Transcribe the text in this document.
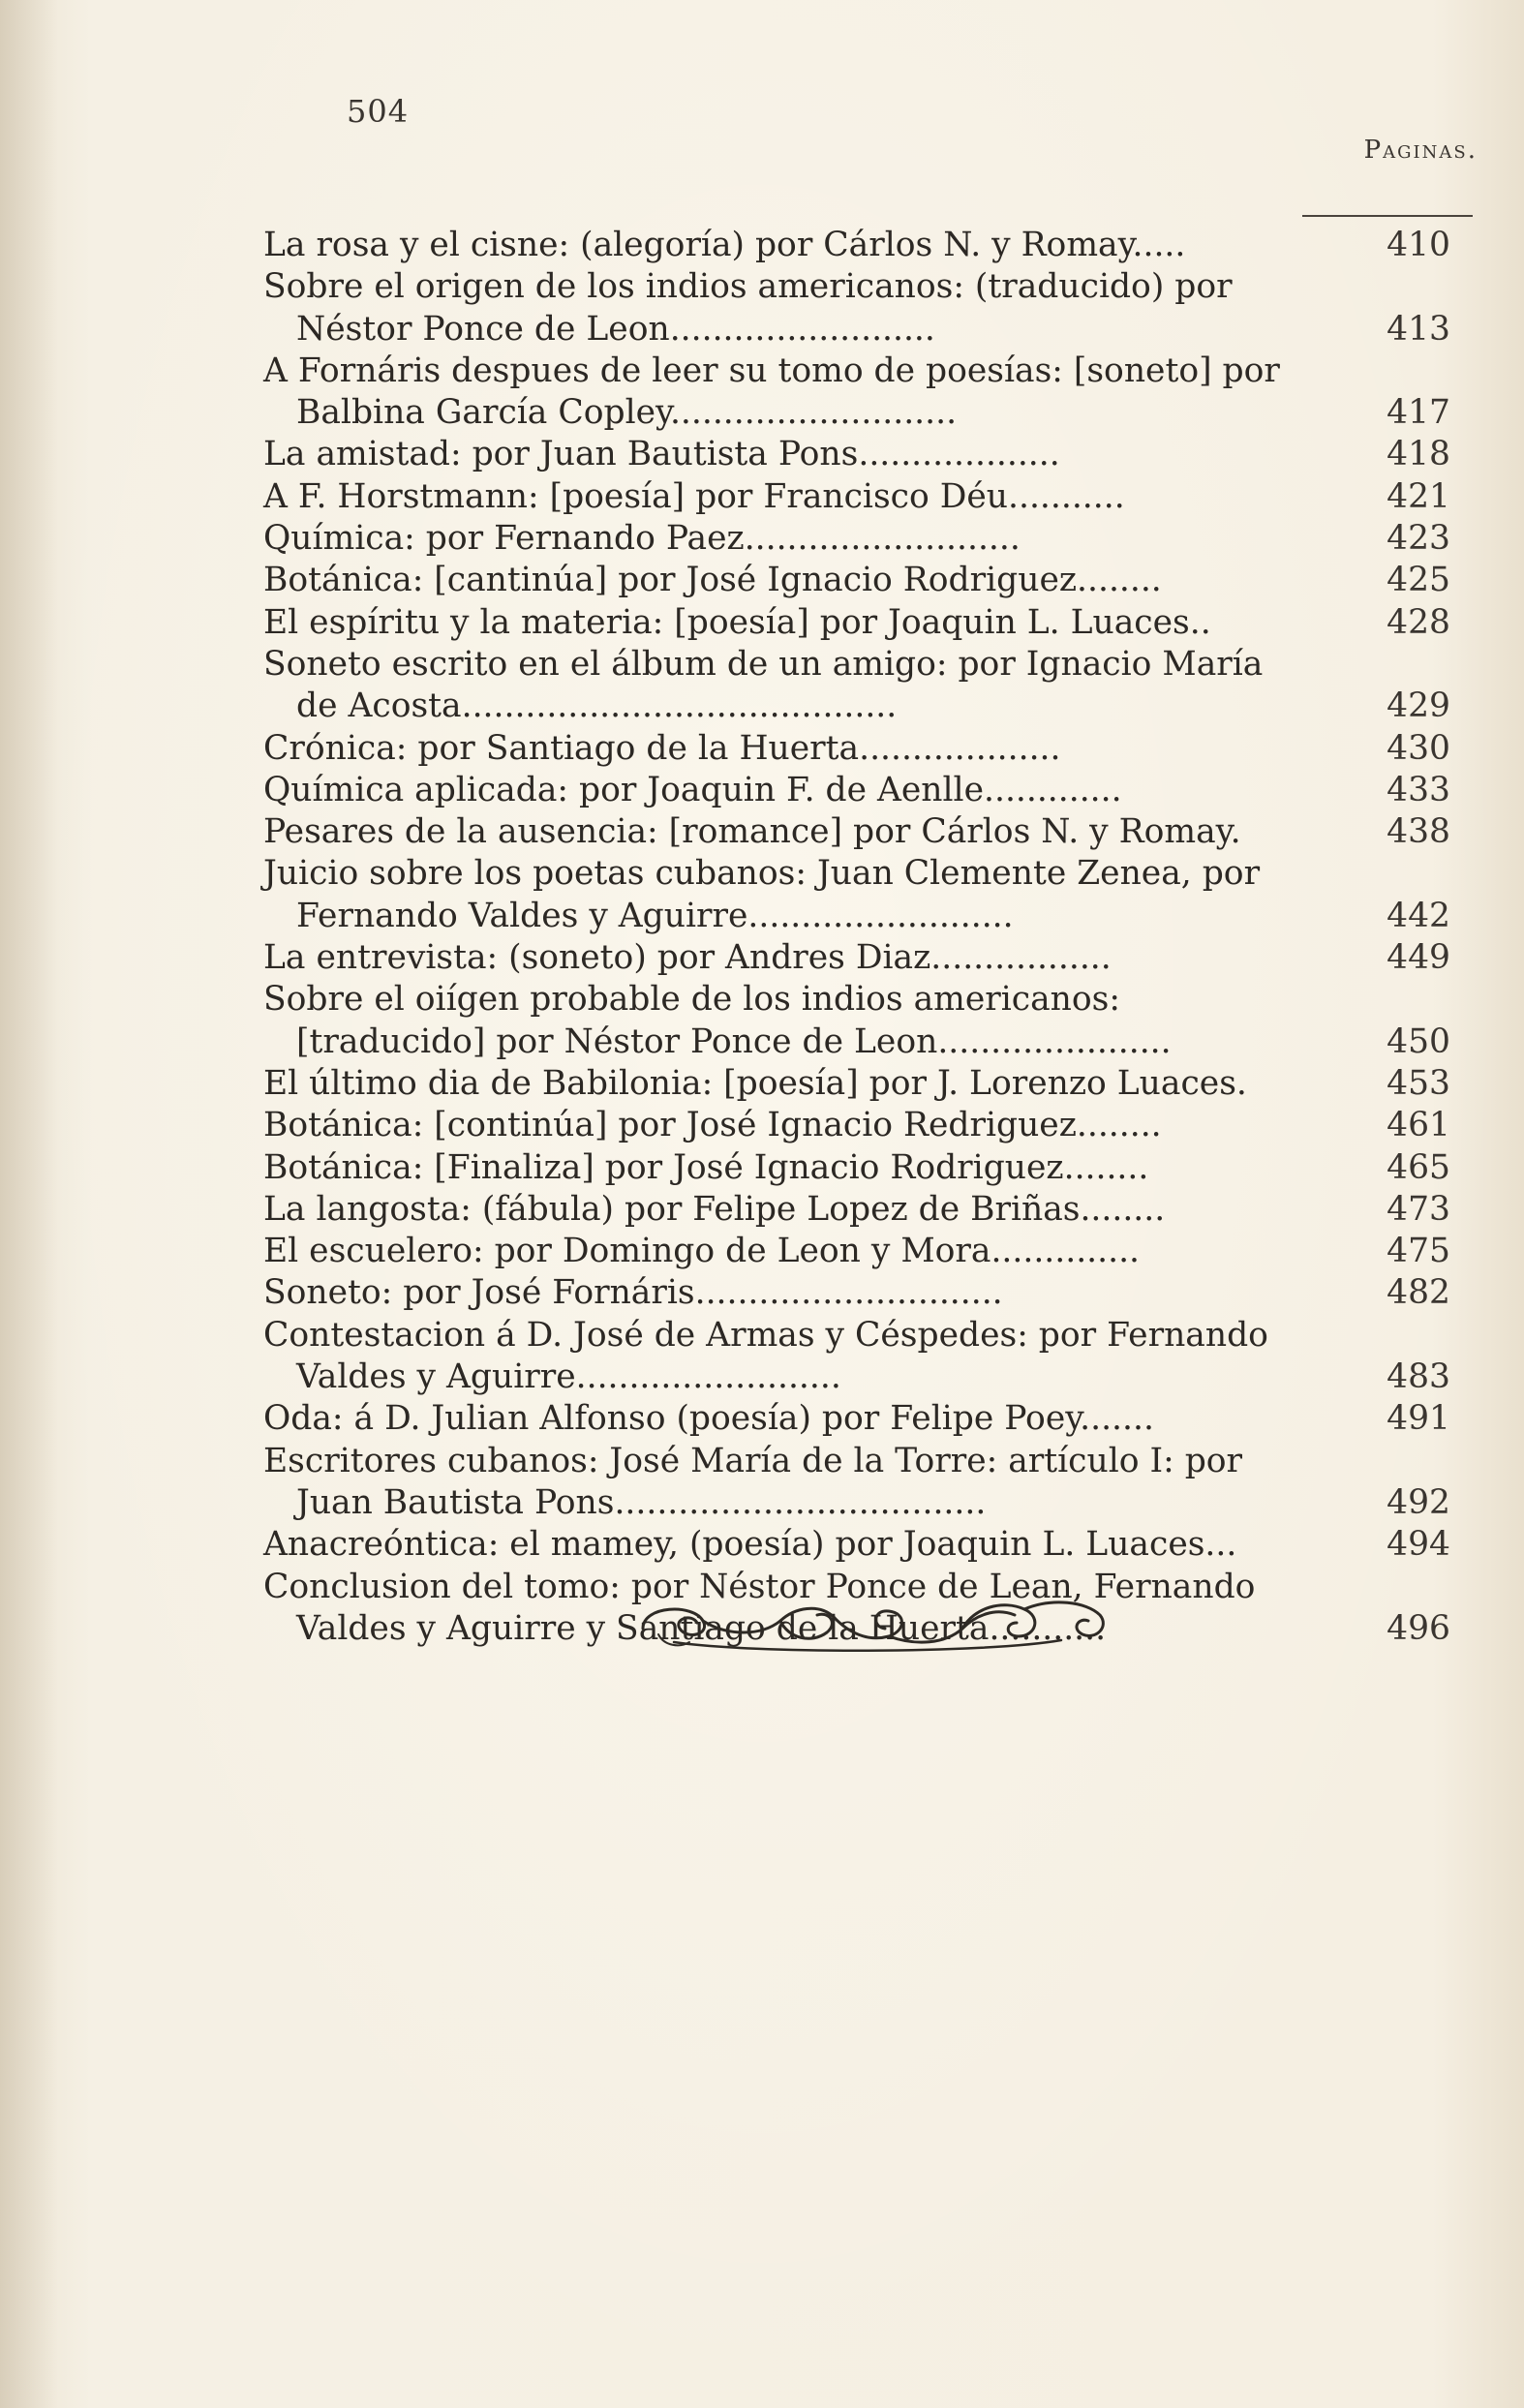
504
Paginas.
La rosa y el cisne: (alegoría) por Cárlos N. y Romay.....	410
Sobre el origen de los indios americanos: (traducido) por Néstor Ponce de Leon.........................	413
A Fornáris despues de leer su tomo de poesías: [soneto] por Balbina García Copley...........................	417
La amistad: por Juan Bautista Pons...................	418
A F. Horstmann: [poesía] por Francisco Déu...........	421
Química: por Fernando Paez..........................	423
Botánica: [cantinúa] por José Ignacio Rodriguez........	425
El espíritu y la materia: [poesía] por Joaquin L. Luaces..	428
Soneto escrito en el álbum de un amigo: por Ignacio María de Acosta.........................................	429
Crónica: por Santiago de la Huerta...................	430
Química aplicada: por Joaquin F. de Aenlle.............	433
Pesares de la ausencia: [romance] por Cárlos N. y Romay.	438
Juicio sobre los poetas cubanos: Juan Clemente Zenea, por Fernando Valdes y Aguirre.........................	442
La entrevista: (soneto) por Andres Diaz.................	449
Sobre el oiígen probable de los indios americanos: [traducido] por Néstor Ponce de Leon......................	450
El último dia de Babilonia: [poesía] por J. Lorenzo Luaces.	453
Botánica: [continúa] por José Ignacio Redriguez........	461
Botánica: [Finaliza] por José Ignacio Rodriguez........	465
La langosta: (fábula) por Felipe Lopez de Briñas........	473
El escuelero: por Domingo de Leon y Mora..............	475
Soneto: por José Fornáris.............................	482
Contestacion á D. José de Armas y Céspedes: por Fernando Valdes y Aguirre.........................	483
Oda: á D. Julian Alfonso (poesía) por Felipe Poey.......	491
Escritores cubanos: José María de la Torre: artículo I: por Juan Bautista Pons...................................	492
Anacreóntica: el mamey, (poesía) por Joaquin L. Luaces...	494
Conclusion del tomo: por Néstor Ponce de Lean, Fernando Valdes y Aguirre y Santiago de la Huerta...........	496
